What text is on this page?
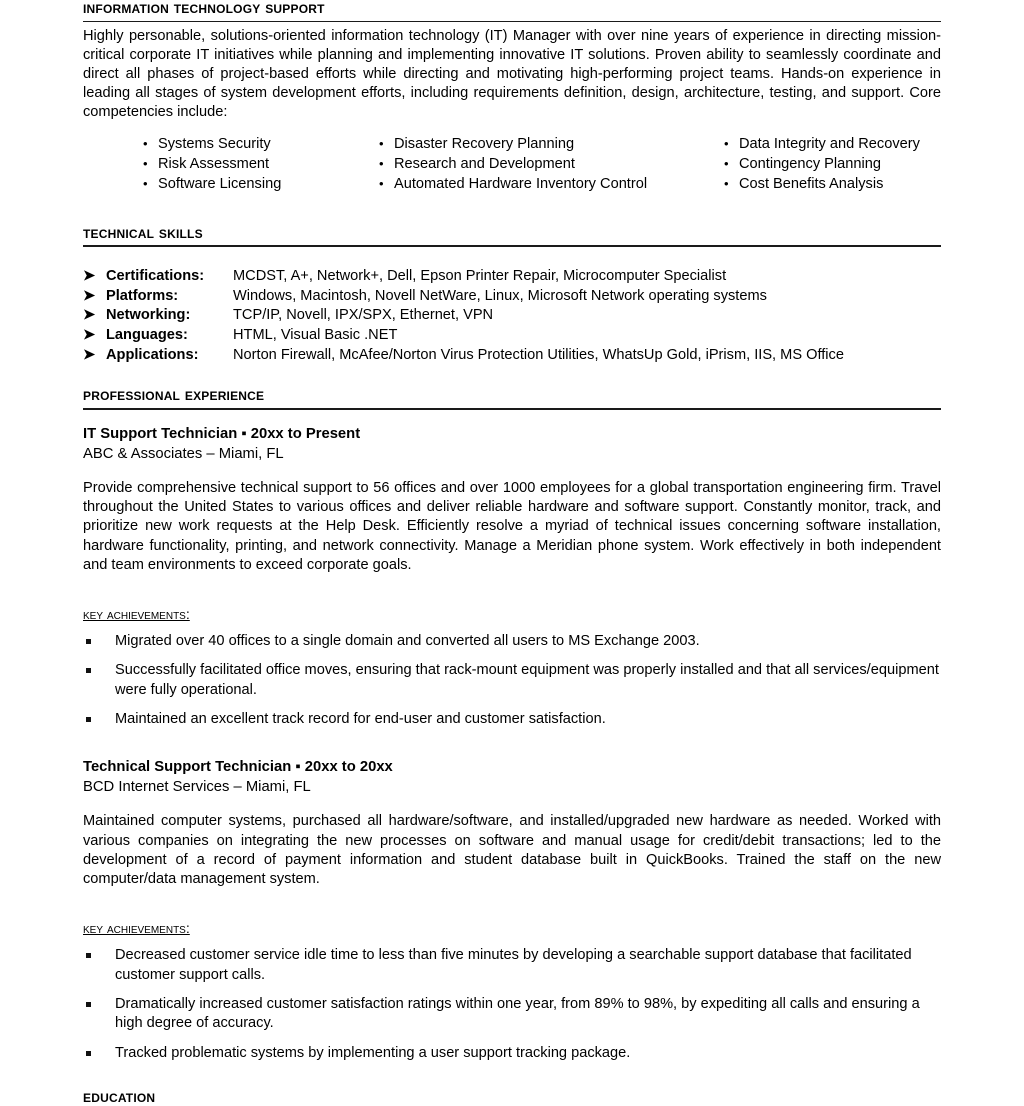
information technology support

Highly personable, solutions-oriented information technology (IT) Manager with over nine years of experience in directing mission-critical corporate IT initiatives while planning and implementing innovative IT solutions. Proven ability to seamlessly coordinate and direct all phases of project-based efforts while directing and motivating high-performing project teams. Hands-on experience in leading all stages of system development efforts, including requirements definition, design, architecture, testing, and support. Core competencies include:

• Systems Security	• Disaster Recovery Planning	• Data Integrity and Recovery
• Risk Assessment	• Research and Development	• Contingency Planning
• Software Licensing	• Automated Hardware Inventory Control	• Cost Benefits Analysis
technical skills
➤ Certifications:	MCDST, A+, Network+, Dell, Epson Printer Repair, Microcomputer Specialist
➤ Platforms:	Windows, Macintosh, Novell NetWare, Linux, Microsoft Network operating systems
➤ Networking:	TCP/IP, Novell, IPX/SPX, Ethernet, VPN
➤ Languages:	HTML, Visual Basic .NET
➤ Applications:	Norton Firewall, McAfee/Norton Virus Protection Utilities, WhatsUp Gold, iPrism, IIS, MS Office
professional experience
IT Support Technician ▪ 20xx to Present
ABC & Associates – Miami, FL

Provide comprehensive technical support to 56 offices and over 1000 employees for a global transportation engineering firm. Travel throughout the United States to various offices and deliver reliable hardware and software support. Constantly monitor, track, and prioritize new work requests at the Help Desk. Efficiently resolve a myriad of technical issues concerning software installation, hardware functionality, printing, and network connectivity. Manage a Meridian phone system. Work effectively in both independent and team environments to exceed corporate goals.

key achievements:
Migrated over 40 offices to a single domain and converted all users to MS Exchange 2003.
Successfully facilitated office moves, ensuring that rack-mount equipment was properly installed and that all services/equipment were fully operational.
Maintained an excellent track record for end-user and customer satisfaction.
Technical Support Technician ▪ 20xx to 20xx
BCD Internet Services – Miami, FL

Maintained computer systems, purchased all hardware/software, and installed/upgraded new hardware as needed. Worked with various companies on integrating the new processes on software and manual usage for credit/debit transactions; led to the development of a record of payment information and student database built in QuickBooks. Trained the staff on the new computer/data management system.

key achievements:
Decreased customer service idle time to less than five minutes by developing a searchable support database that facilitated customer support calls.
Dramatically increased customer satisfaction ratings within one year, from 89% to 98%, by expediting all calls and ensuring a high degree of accuracy.
Tracked problematic systems by implementing a user support tracking package.
education
